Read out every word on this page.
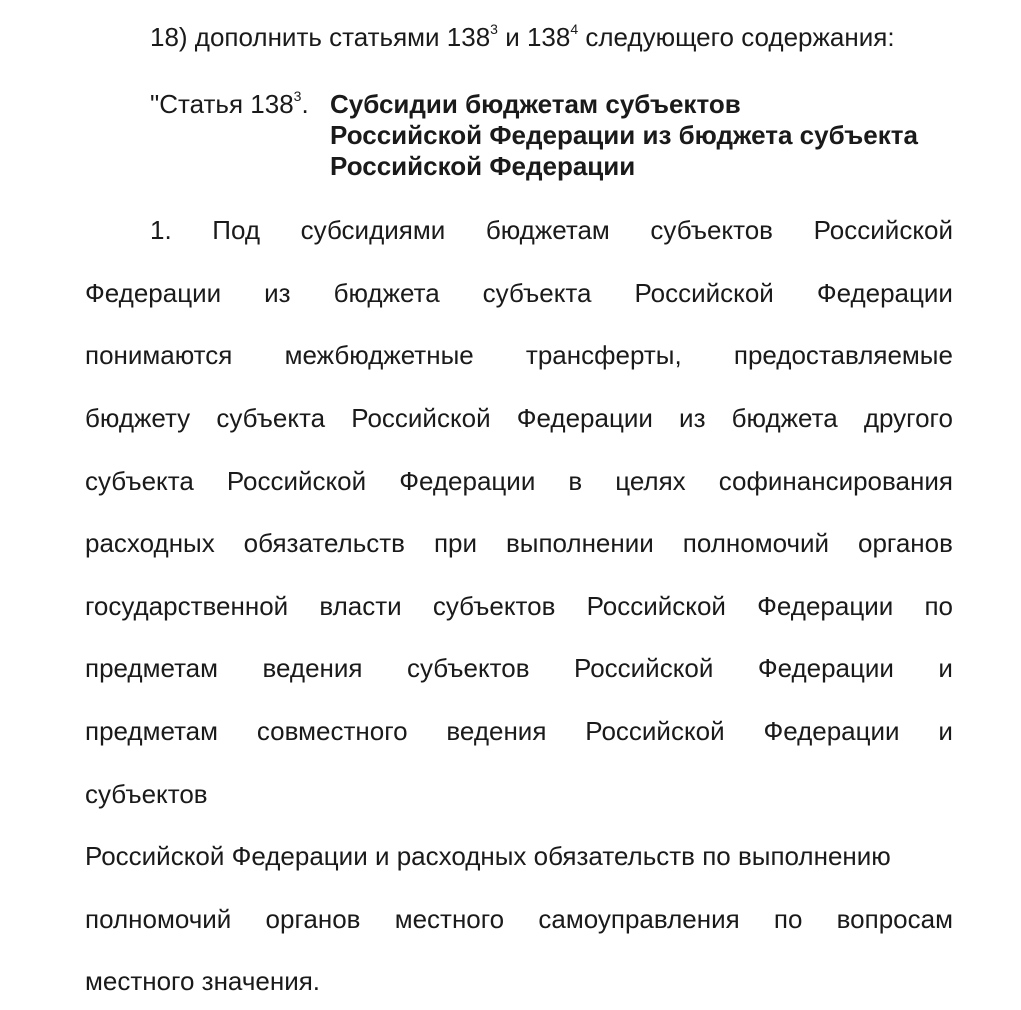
18) дополнить статьями $138^3$ и $138^4$ следующего содержания:
"Статья $138^3$. Субсидии бюджетам субъектов
Российской Федерации из бюджета субъекта
Российской Федерации
1. Под субсидиями бюджетам субъектов Российской
Федерации из бюджета субъекта Российской Федерации
понимаются межбюджетные трансферты, предоставляемые
бюджету субъекта Российской Федерации из бюджета другого
субъекта Российской Федерации в целях софинансирования
расходных обязательств при выполнении полномочий органов
государственной власти субъектов Российской Федерации по
предметам ведения субъектов Российской Федерации и
предметам совместного ведения Российской Федерации и
субъектов
Российской Федерации и расходных обязательств по выполнению
полномочий органов местного самоуправления по вопросам
местного значения.
